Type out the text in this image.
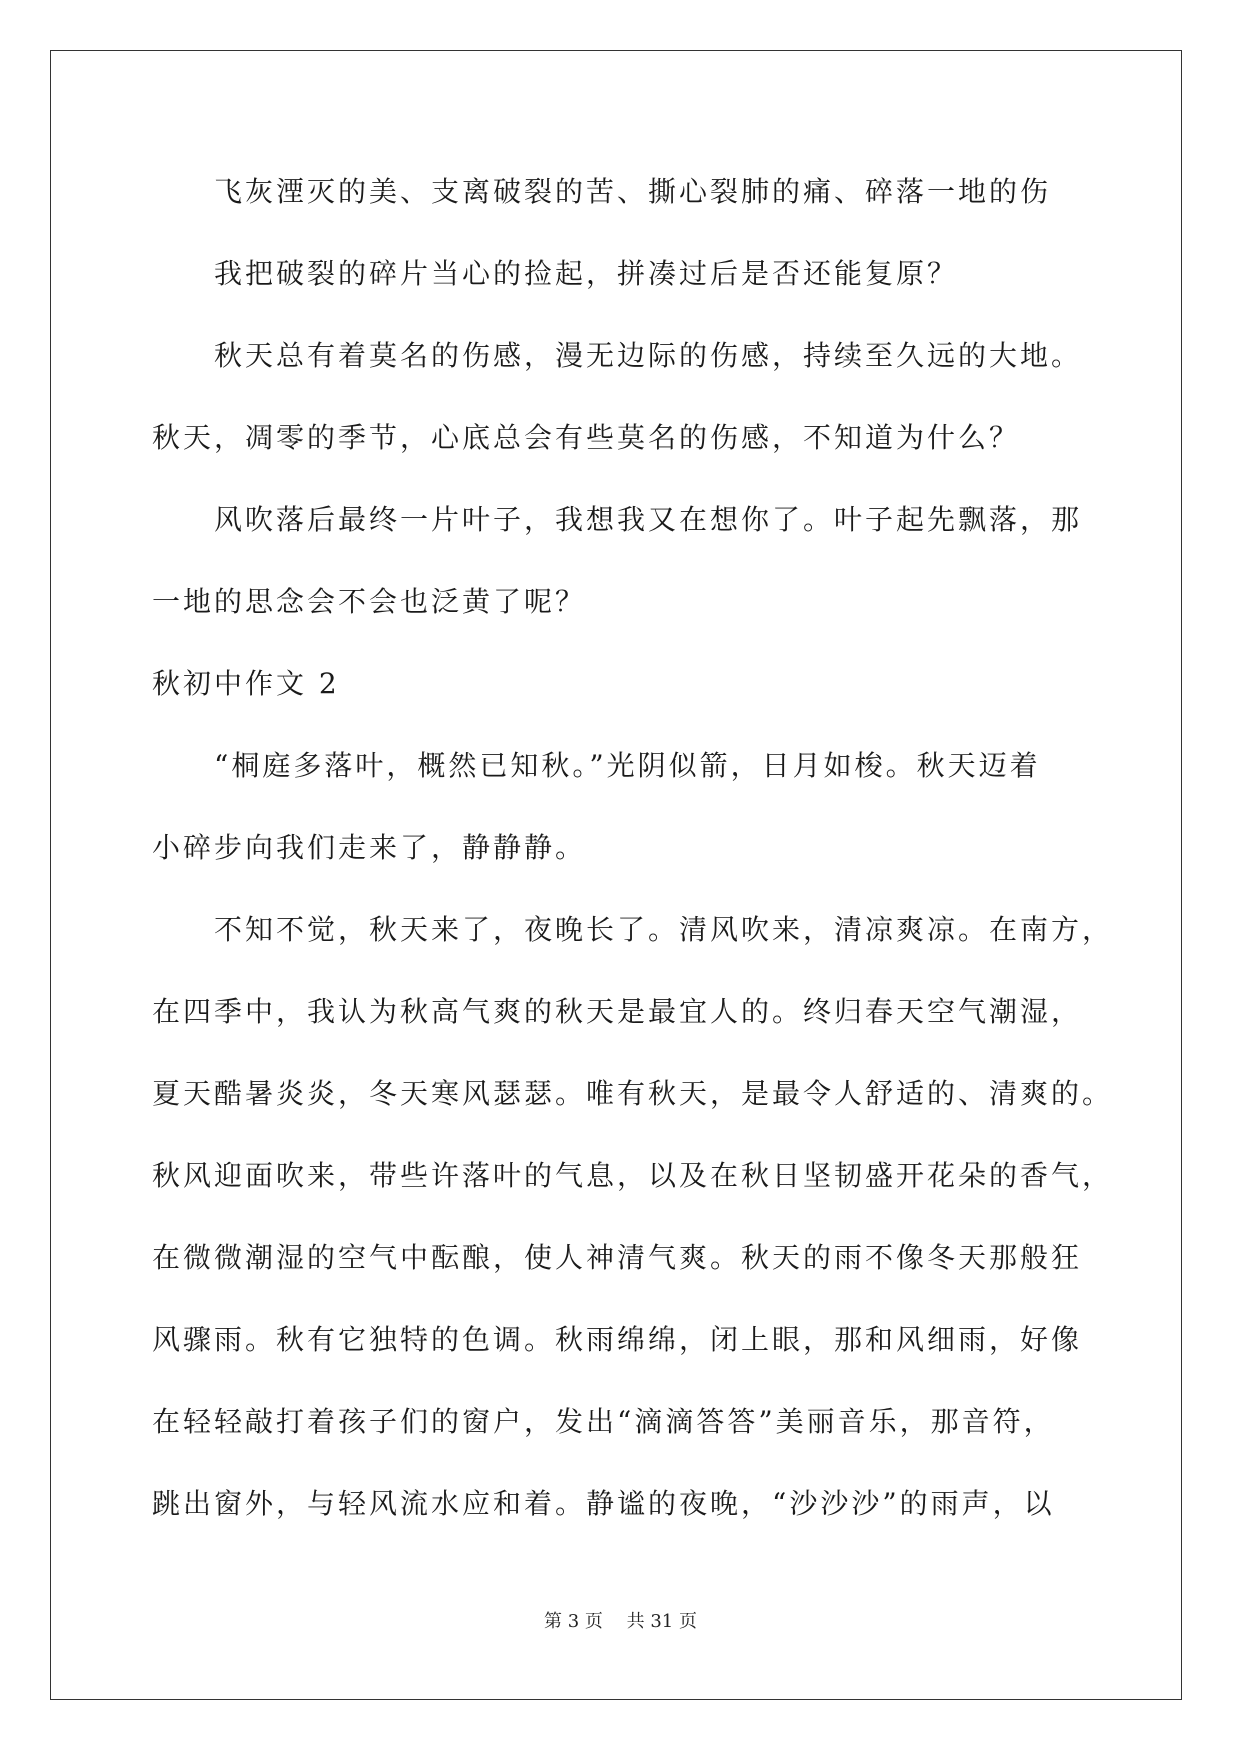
飞灰湮灭的美、支离破裂的苦、撕心裂肺的痛、碎落一地的伤
我把破裂的碎片当心的捡起，拼凑过后是否还能复原？
秋天总有着莫名的伤感，漫无边际的伤感，持续至久远的大地。
秋天，凋零的季节，心底总会有些莫名的伤感，不知道为什么？
风吹落后最终一片叶子，我想我又在想你了。叶子起先飘落，那
一地的思念会不会也泛黄了呢？
秋初中作文 2
“桐庭多落叶，概然已知秋。”光阴似箭，日月如梭。秋天迈着
小碎步向我们走来了，静静静。
不知不觉，秋天来了，夜晚长了。清风吹来，清凉爽凉。在南方，
在四季中，我认为秋高气爽的秋天是最宜人的。终归春天空气潮湿，
夏天酷暑炎炎，冬天寒风瑟瑟。唯有秋天，是最令人舒适的、清爽的。
秋风迎面吹来，带些许落叶的气息，以及在秋日坚韧盛开花朵的香气，
在微微潮湿的空气中酝酿，使人神清气爽。秋天的雨不像冬天那般狂
风骤雨。秋有它独特的色调。秋雨绵绵，闭上眼，那和风细雨，好像
在轻轻敲打着孩子们的窗户，发出“滴滴答答”美丽音乐，那音符，
跳出窗外，与轻风流水应和着。静谧的夜晚，“沙沙沙”的雨声，以
第 3 页　 共 31 页
